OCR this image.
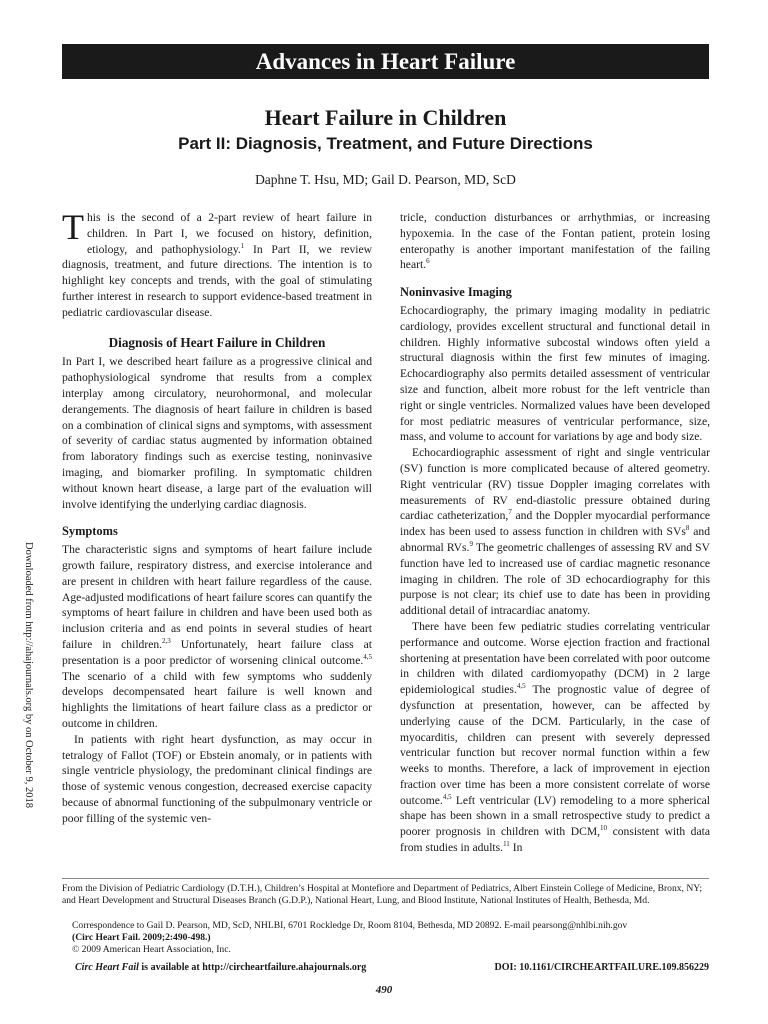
Advances in Heart Failure
Heart Failure in Children
Part II: Diagnosis, Treatment, and Future Directions
Daphne T. Hsu, MD; Gail D. Pearson, MD, ScD
Downloaded from http://ahajournals.org by on October 9, 2018

This is the second of a 2-part review of heart failure in children. In Part I, we focused on history, definition, etiology, and pathophysiology.$^1$ In Part II, we review diagnosis, treatment, and future directions. The intention is to highlight key concepts and trends, with the goal of stimulating further interest in research to support evidence-based treatment in pediatric cardiovascular disease.

Diagnosis of Heart Failure in Children

In Part I, we described heart failure as a progressive clinical and pathophysiological syndrome that results from a complex interplay among circulatory, neurohormonal, and molecular derangements. The diagnosis of heart failure in children is based on a combination of clinical signs and symptoms, with assessment of severity of cardiac status augmented by information obtained from laboratory findings such as exercise testing, noninvasive imaging, and biomarker profiling. In symptomatic children without known heart disease, a large part of the evaluation will involve identifying the underlying cardiac diagnosis.

Symptoms

The characteristic signs and symptoms of heart failure include growth failure, respiratory distress, and exercise intolerance and are present in children with heart failure regardless of the cause. Age-adjusted modifications of heart failure scores can quantify the symptoms of heart failure in children and have been used both as inclusion criteria and as end points in several studies of heart failure in children.$^{2,3}$ Unfortunately, heart failure class at presentation is a poor predictor of worsening clinical outcome.$^{4,5}$ The scenario of a child with few symptoms who suddenly develops decompensated heart failure is well known and highlights the limitations of heart failure class as a predictor or outcome in children.

In patients with right heart dysfunction, as may occur in tetralogy of Fallot (TOF) or Ebstein anomaly, or in patients with single ventricle physiology, the predominant clinical findings are those of systemic venous congestion, decreased exercise capacity because of abnormal functioning of the subpulmonary ventricle or poor filling of the systemic ven-

tricle, conduction disturbances or arrhythmias, or increasing hypoxemia. In the case of the Fontan patient, protein losing enteropathy is another important manifestation of the failing heart.$^6$

Noninvasive Imaging

Echocardiography, the primary imaging modality in pediatric cardiology, provides excellent structural and functional detail in children. Highly informative subcostal windows often yield a structural diagnosis within the first few minutes of imaging. Echocardiography also permits detailed assessment of ventricular size and function, albeit more robust for the left ventricle than right or single ventricles. Normalized values have been developed for most pediatric measures of ventricular performance, size, mass, and volume to account for variations by age and body size.

Echocardiographic assessment of right and single ventricular (SV) function is more complicated because of altered geometry. Right ventricular (RV) tissue Doppler imaging correlates with measurements of RV end-diastolic pressure obtained during cardiac catheterization,$^7$ and the Doppler myocardial performance index has been used to assess function in children with SVs$^8$ and abnormal RVs.$^9$ The geometric challenges of assessing RV and SV function have led to increased use of cardiac magnetic resonance imaging in children. The role of 3D echocardiography for this purpose is not clear; its chief use to date has been in providing additional detail of intracardiac anatomy.

There have been few pediatric studies correlating ventricular performance and outcome. Worse ejection fraction and fractional shortening at presentation have been correlated with poor outcome in children with dilated cardiomyopathy (DCM) in 2 large epidemiological studies.$^{4,5}$ The prognostic value of degree of dysfunction at presentation, however, can be affected by underlying cause of the DCM. Particularly, in the case of myocarditis, children can present with severely depressed ventricular function but recover normal function within a few weeks to months. Therefore, a lack of improvement in ejection fraction over time has been a more consistent correlate of worse outcome.$^{4,5}$ Left ventricular (LV) remodeling to a more spherical shape has been shown in a small retrospective study to predict a poorer prognosis in children with DCM,$^{10}$ consistent with data from studies in adults.$^{11}$ In

From the Division of Pediatric Cardiology (D.T.H.), Children’s Hospital at Montefiore and Department of Pediatrics, Albert Einstein College of Medicine, Bronx, NY; and Heart Development and Structural Diseases Branch (G.D.P.), National Heart, Lung, and Blood Institute, National Institutes of Health, Bethesda, Md.
Correspondence to Gail D. Pearson, MD, ScD, NHLBI, 6701 Rockledge Dr, Room 8104, Bethesda, MD 20892. E-mail pearsong@nhlbi.nih.gov
(Circ Heart Fail. 2009;2:490-498.)
© 2009 American Heart Association, Inc.
Circ Heart Fail is available at http://circheartfailure.ahajournals.org	DOI: 10.1161/CIRCHEARTFAILURE.109.856229
490
